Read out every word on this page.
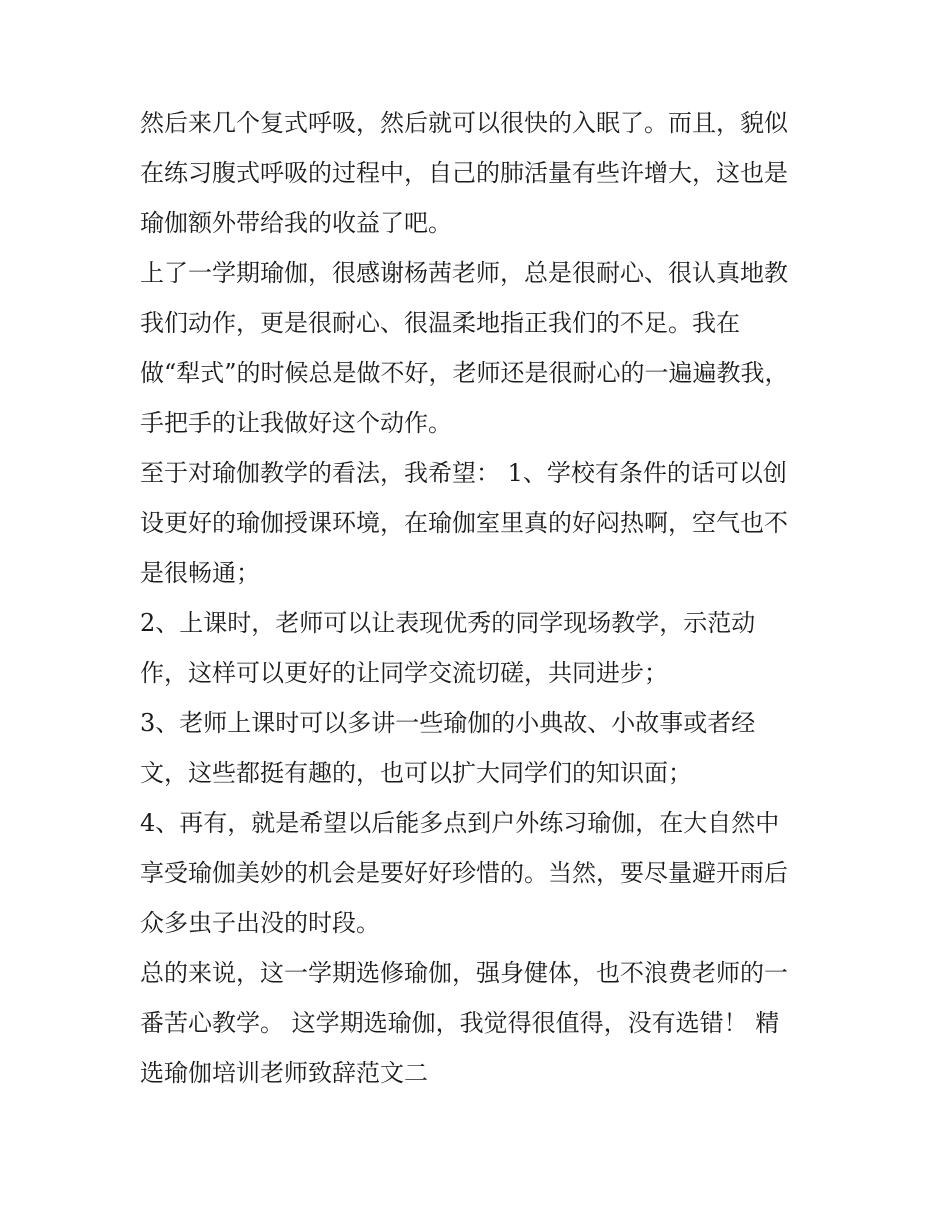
然后来几个复式呼吸，然后就可以很快的入眠了。而且，貌似
在练习腹式呼吸的过程中，自己的肺活量有些许增大，这也是
瑜伽额外带给我的收益了吧。
上了一学期瑜伽，很感谢杨茜老师，总是很耐心、很认真地教
我们动作，更是很耐心、很温柔地指正我们的不足。我在
做“犁式”的时候总是做不好，老师还是很耐心的一遍遍教我，
手把手的让我做好这个动作。
至于对瑜伽教学的看法，我希望： 1、学校有条件的话可以创
设更好的瑜伽授课环境，在瑜伽室里真的好闷热啊，空气也不
是很畅通；
2、上课时，老师可以让表现优秀的同学现场教学，示范动
作，这样可以更好的让同学交流切磋，共同进步；
3、老师上课时可以多讲一些瑜伽的小典故、小故事或者经
文，这些都挺有趣的，也可以扩大同学们的知识面；
4、再有，就是希望以后能多点到户外练习瑜伽，在大自然中
享受瑜伽美妙的机会是要好好珍惜的。当然，要尽量避开雨后
众多虫子出没的时段。
总的来说，这一学期选修瑜伽，强身健体，也不浪费老师的一
番苦心教学。 这学期选瑜伽，我觉得很值得，没有选错！ 精
选瑜伽培训老师致辞范文二
